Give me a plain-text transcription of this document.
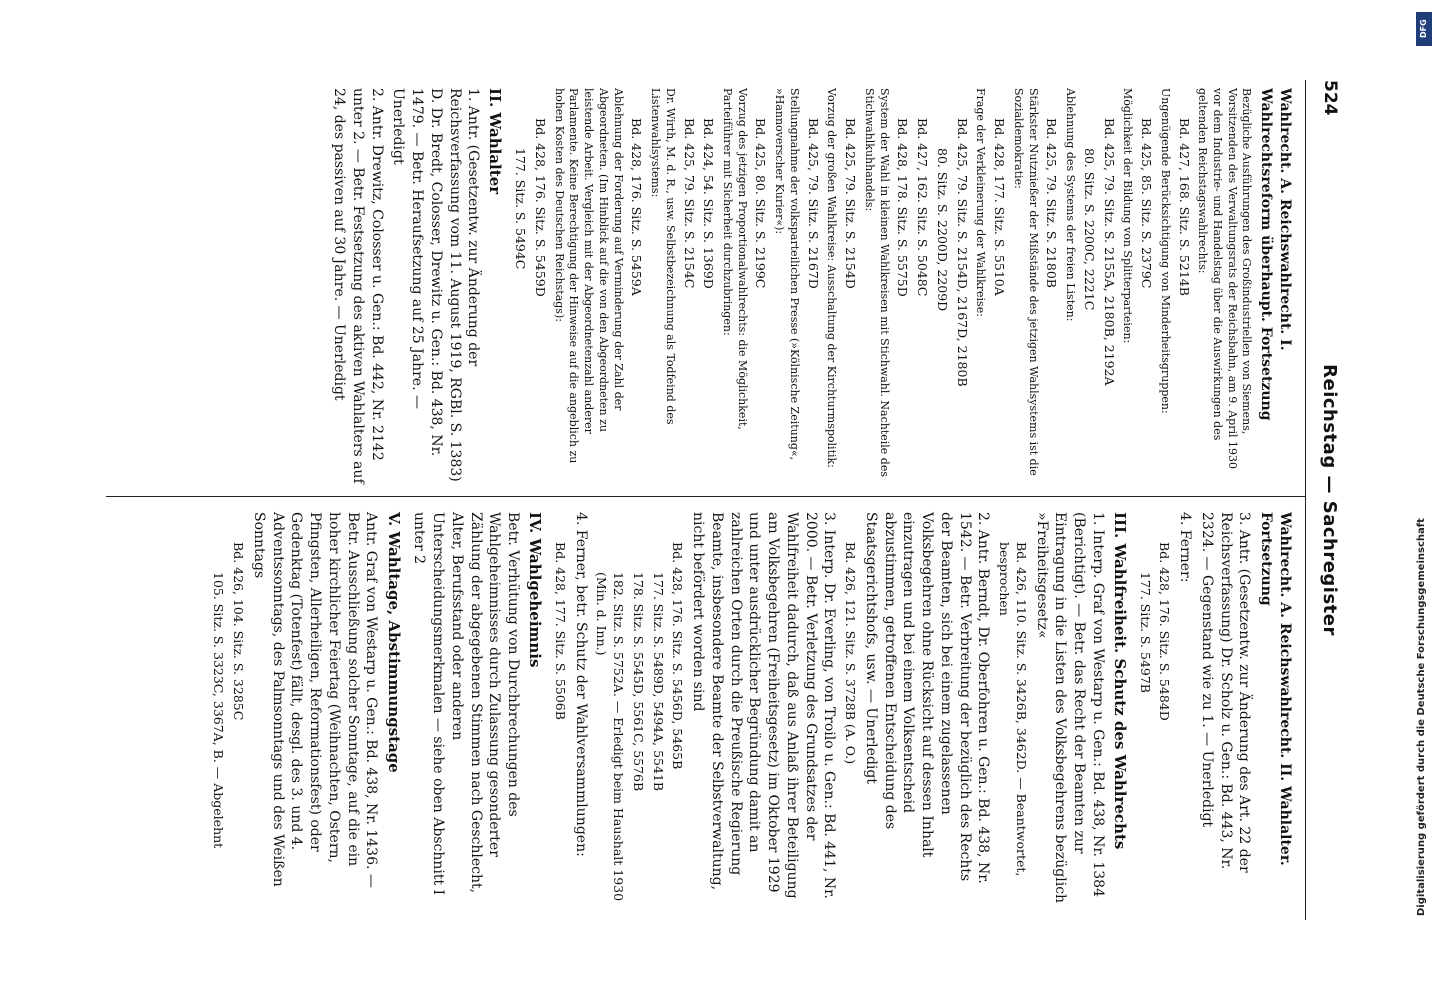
524
Reichstag — Sachregister

Wahlrecht. A. Reichswahlrecht. I. Wahlrechtsreform überhaupt. Fortsetzung

Bezügliche Ausführungen des Großindustriellen von Siemens, Vorsitzenden des Verwaltungsrats der Reichsbahn, am 9. April 1930 vor dem Industrie- und Handelstag über die Auswirkungen des geltenden Reichstagswahlrechts:

Bd. 427, 168. Sitz. S. 5214B

Ungenügende Berücksichtigung von Minderheitsgruppen:

Bd. 425, 85. Sitz. S. 2379C

Möglichkeit der Bildung von Splitterparteien:

Bd. 425, 79. Sitz. S. 2155A, 2180B, 2192A

80. Sitz. S. 2200C, 2221C

Ablehnung des Systems der freien Listen:

Bd. 425, 79. Sitz. S. 2180B

Stärkster Nutznießer der Mißstände des jetzigen Wahlsystems ist die Sozialdemokratie:

Bd. 428, 177. Sitz. S. 5510A

Frage der Verkleinerung der Wahlkreise:

Bd. 425, 79. Sitz. S. 2154D, 2167D, 2180B

80. Sitz. S. 2200D, 2209D

Bd. 427, 162. Sitz. S. 5048C

Bd. 428, 178. Sitz. S. 5575D

System der Wahl in kleinen Wahlkreisen mit Stichwahl. Nachteile des Stichwahlkuhhandels:

Bd. 425, 79. Sitz. S. 2154D

Vorzug der großen Wahlkreise: Ausschaltung der Kirchturmspolitik:

Bd. 425, 79. Sitz. S. 2167D

Stellungnahme der volksparteilichen Presse (»Kölnische Zeitung«, »Hannoverscher Kurier«):

Bd. 425, 80. Sitz. S. 2199C

Vorzug des jetzigen Proportionalwahlrechts: die Möglichkeit, Parteiführer mit Sicherheit durchzubringen:

Bd. 424, 54. Sitz. S. 1369D

Bd. 425, 79. Sitz. S. 2154C

Dr. Wirth, M. d. R., usw. Selbstbezeichnung als Todfeind des Listenwahlsystems:

Bd. 428, 176. Sitz. S. 5459A

Ablehnung der Forderung auf Verminderung der Zahl der Abgeordneten. (Im Hinblick auf die von den Abgeordneten zu leistende Arbeit. Vergleich mit der Abgeordnetenzahl anderer Parlamente. Keine Berechtigung der Hinweise auf die angeblich zu hohen Kosten des Deutschen Reichstags):

Bd. 428, 176. Sitz. S. 5459D

177. Sitz. S. 5494C

II. Wahlalter

1. Antr. (Gesetzentw. zur Änderung der Reichsverfassung vom 11. August 1919, RGBl. S. 1383) D. Dr. Bredt, Colosser, Drewitz u. Gen.: Bd. 438, Nr. 1479. — Betr. Heraufsetzung auf 25 Jahre. — Unerledigt

2. Antr. Drewitz, Colosser u. Gen.: Bd. 442, Nr. 2142 unter 2. — Betr. Festsetzung des aktiven Wahlalters auf 24, des passiven auf 30 Jahre. — Unerledigt

Wahlrecht. A. Reichswahlrecht. II. Wahlalter. Fortsetzung

3. Antr. (Gesetzentw. zur Änderung des Art. 22 der Reichsverfassung) Dr. Scholz u. Gen.: Bd. 443, Nr. 2324. — Gegenstand wie zu 1. — Unerledigt

4. Ferner:

Bd. 428, 176. Sitz. S. 5484D

177. Sitz. S. 5497B

III. Wahlfreiheit. Schutz des Wahlrechts

1. Interp. Graf von Westarp u. Gen.: Bd. 438, Nr. 1384 (Berichtigt). — Betr. das Recht der Beamten zur Eintragung in die Listen des Volksbegehrens bezüglich »Freiheitsgesetz«

Bd. 426, 110. Sitz. S. 3426B, 3462D. — Beantwortet, besprochen

2. Antr. Berndt, Dr. Oberfohren u. Gen.: Bd. 438, Nr. 1542. — Betr. Verbreitung der bezüglich des Rechts der Beamten, sich bei einem zugelassenen Volksbegehren ohne Rücksicht auf dessen Inhalt einzutragen und bei einem Volksentscheid abzustimmen, getroffenen Entscheidung des Staatsgerichtshofs, usw. — Unerledigt

Bd. 426, 121. Sitz. S. 3728B (A. O.)

3. Interp. Dr. Everling, von Troilo u. Gen.: Bd. 441, Nr. 2000. — Betr. Verletzung des Grundsatzes der Wahlfreiheit dadurch, daß aus Anlaß ihrer Beteiligung am Volksbegehren (Freiheitsgesetz) im Oktober 1929 und unter ausdrücklicher Begründung damit an zahlreichen Orten durch die Preußische Regierung Beamte, insbesondere Beamte der Selbstverwaltung, nicht befördert worden sind

Bd. 428, 176. Sitz. S. 5456D, 5465B

177. Sitz. S. 5489D, 5494A, 5541B

178. Sitz. S. 5545D, 5561C, 5576B

182. Sitz. S. 5752A. — Erledigt beim Haushalt 1930 (Min. d. Inn.)

4. Ferner, betr. Schutz der Wahlversammlungen:

Bd. 428, 177. Sitz. S. 5506B

IV. Wahlgeheimnis

Betr. Verhütung von Durchbrechungen des Wahlgeheimnisses durch Zulassung gesonderter Zählung der abgegebenen Stimmen nach Geschlecht, Alter, Berufsstand oder anderen Unterscheidungsmerkmalen — siehe oben Abschnitt I unter 2

V. Wahltage, Abstimmungstage

Antr. Graf von Westarp u. Gen.: Bd. 438, Nr. 1436. — Betr. Ausschließung solcher Sonntage, auf die ein hoher kirchlicher Feiertag (Weihnachten, Ostern, Pfingsten, Allerheiligen, Reformationsfest) oder Gedenktag (Totenfest) fällt, desgl. des 3. und 4. Adventssonntags, des Palmsonntags und des Weißen Sonntags

Bd. 426, 104. Sitz. S. 3285C

105. Sitz. S. 3323C, 3367A, B. — Abgelehnt

DFG
Digitalisierung gefördert durch die Deutsche Forschungsgemeinschaft
